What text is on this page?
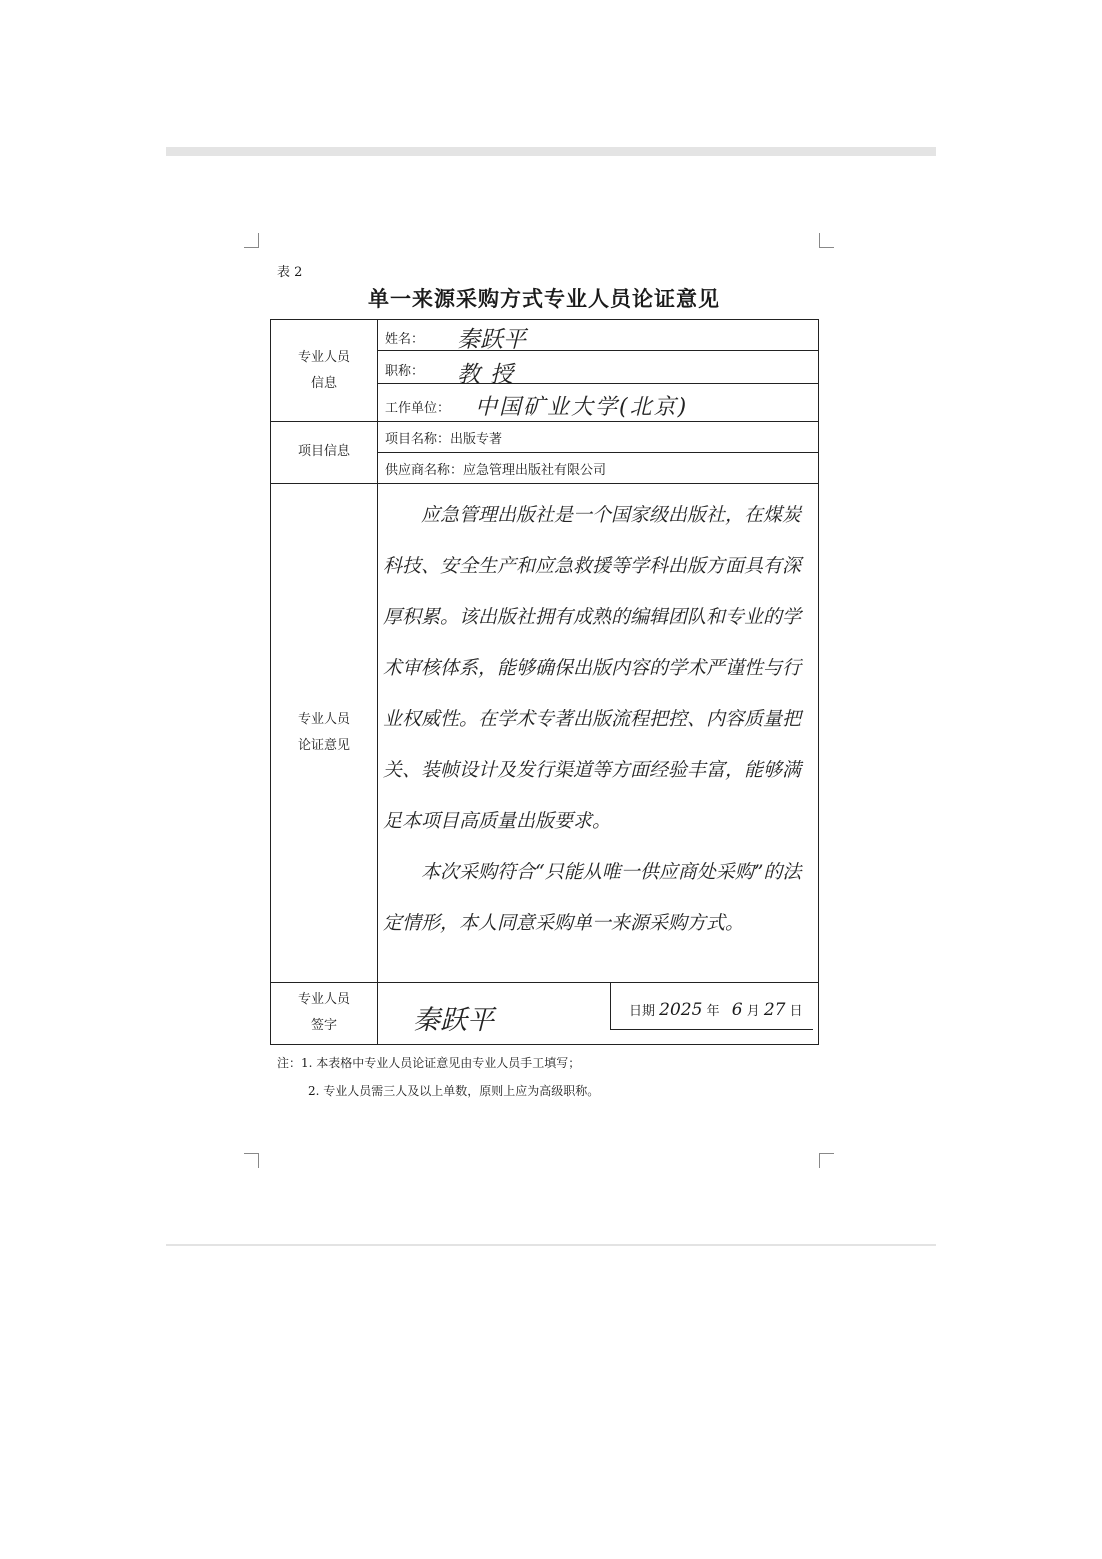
表 2
单一来源采购方式专业人员论证意见
专业人员信息
姓名： 秦跃平
职称： 教授
工作单位： 中国矿业大学(北京)
项目信息
项目名称：出版专著
供应商名称：应急管理出版社有限公司
专业人员论证意见

应急管理出版社是一个国家级出版社，在煤炭科技、安全生产和应急救援等学科出版方面具有深厚积累。该出版社拥有成熟的编辑团队和专业的学术审核体系，能够确保出版内容的学术严谨性与行业权威性。在学术专著出版流程把控、内容质量把关、装帧设计及发行渠道等方面经验丰富，能够满足本项目高质量出版要求。

本次采购符合“只能从唯一供应商处采购”的法定情形，本人同意采购单一来源采购方式。

专业人员签字	秦跃平	日期 2025 年 6 月 27 日
注：1. 本表格中专业人员论证意见由专业人员手工填写；
2. 专业人员需三人及以上单数，原则上应为高级职称。
